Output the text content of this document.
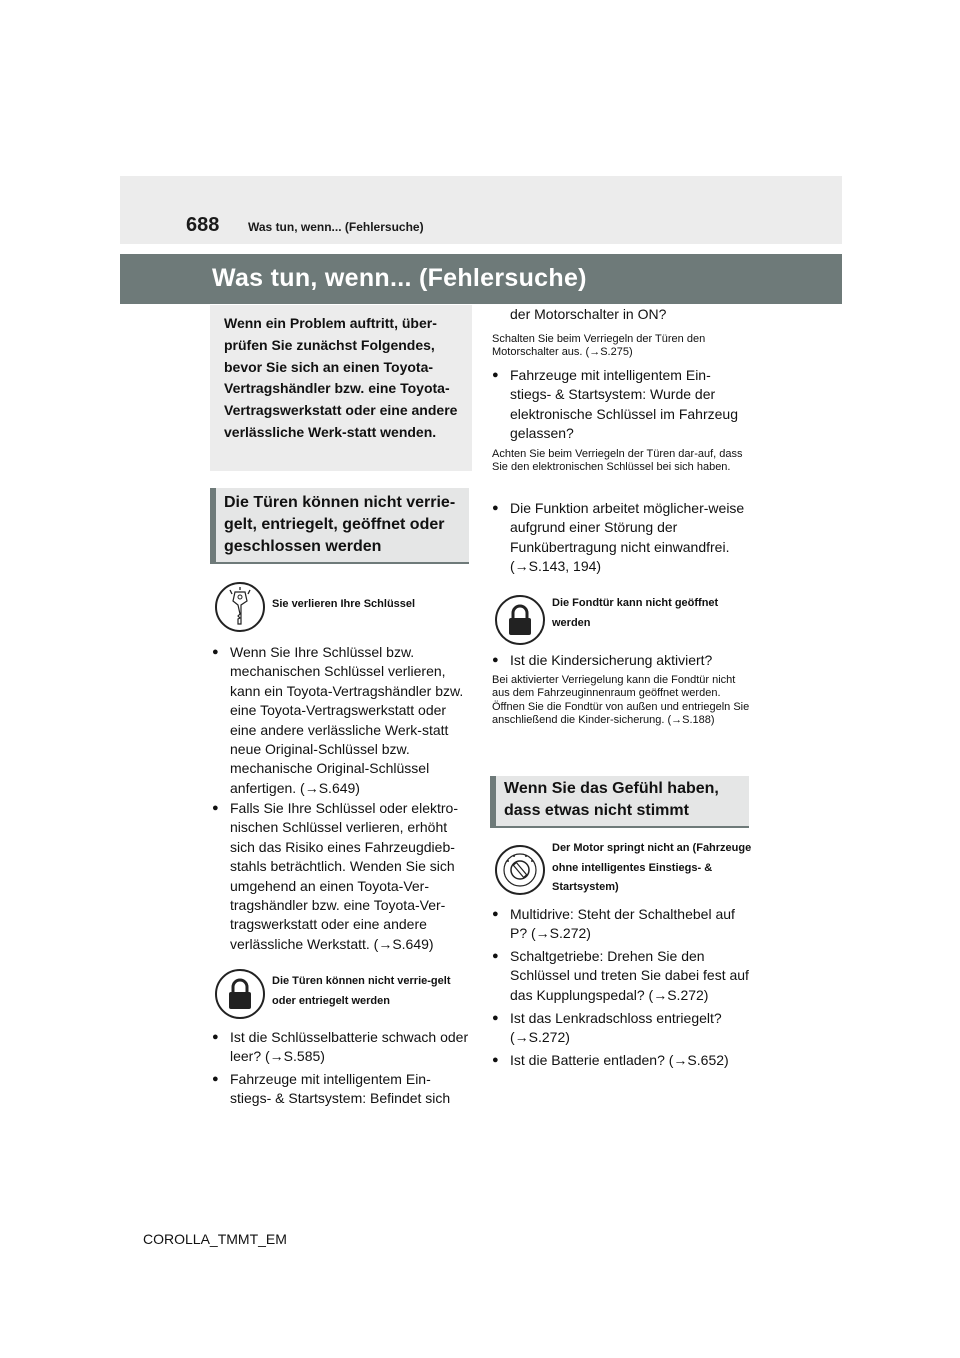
688 Was tun, wenn... (Fehlersuche)
Was tun, wenn... (Fehlersuche)

Wenn ein Problem auftritt, über-prüfen Sie zunächst Folgendes, bevor Sie sich an einen Toyota-Vertragshändler bzw. eine Toyota-Vertragswerkstatt oder eine andere verlässliche Werk-statt wenden.

Die Türen können nicht verrie-gelt, entriegelt, geöffnet oder geschlossen werden
Sie verlieren Ihre Schlüssel
● Wenn Sie Ihre Schlüssel bzw. mechanischen Schlüssel verlieren, kann ein Toyota-Vertragshändler bzw. eine Toyota-Vertragswerkstatt oder eine andere verlässliche Werk-statt neue Original-Schlüssel bzw. mechanische Original-Schlüssel anfertigen. (→S.649)
● Falls Sie Ihre Schlüssel oder elektro-nischen Schlüssel verlieren, erhöht sich das Risiko eines Fahrzeugdieb-stahls beträchtlich. Wenden Sie sich umgehend an einen Toyota-Ver-tragshändler bzw. eine Toyota-Ver-tragswerkstatt oder eine andere verlässliche Werkstatt. (→S.649)
Die Türen können nicht verrie-gelt oder entriegelt werden
● Ist die Schlüsselbatterie schwach oder leer? (→S.585)
● Fahrzeuge mit intelligentem Ein-stiegs- & Startsystem: Befindet sich
der Motorschalter in ON?
Schalten Sie beim Verriegeln der Türen den Motorschalter aus. (→S.275)
● Fahrzeuge mit intelligentem Ein-stiegs- & Startsystem: Wurde der elektronische Schlüssel im Fahrzeug gelassen?
Achten Sie beim Verriegeln der Türen dar-auf, dass Sie den elektronischen Schlüssel bei sich haben.
● Die Funktion arbeitet möglicher-weise aufgrund einer Störung der Funkübertragung nicht einwandfrei. (→S.143, 194)
Die Fondtür kann nicht geöffnet werden
● Ist die Kindersicherung aktiviert?
Bei aktivierter Verriegelung kann die Fondtür nicht aus dem Fahrzeuginnenraum geöffnet werden. Öffnen Sie die Fondtür von außen und entriegeln Sie anschließend die Kinder-sicherung. (→S.188)
Wenn Sie das Gefühl haben, dass etwas nicht stimmt
Der Motor springt nicht an (Fahrzeuge ohne intelligentes Einstiegs- & Startsystem)
● Multidrive: Steht der Schalthebel auf P? (→S.272)
● Schaltgetriebe: Drehen Sie den Schlüssel und treten Sie dabei fest auf das Kupplungspedal? (→S.272)
● Ist das Lenkradschloss entriegelt? (→S.272)
● Ist die Batterie entladen? (→S.652)
COROLLA_TMMT_EM
